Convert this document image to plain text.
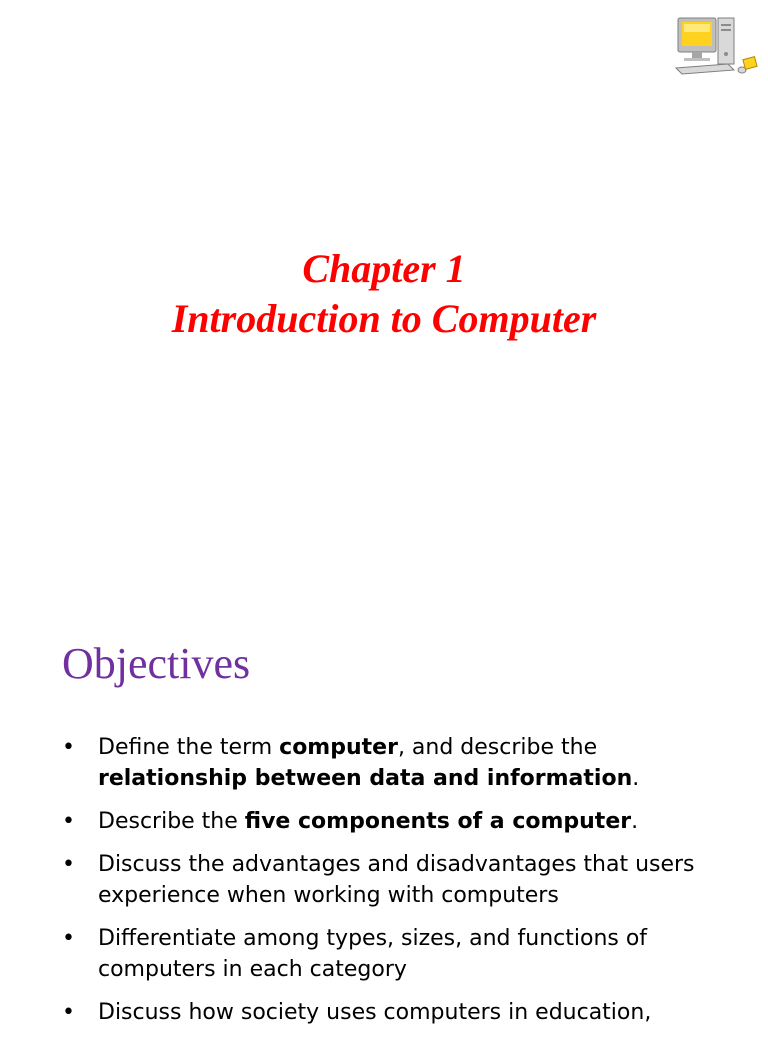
Chapter 1
Introduction to Computer
Objectives
• Define the term computer, and describe the relationship between data and information.
• Describe the five components of a computer.
• Discuss the advantages and disadvantages that users experience when working with computers
• Differentiate among types, sizes, and functions of computers in each category
• Discuss how society uses computers in education,
